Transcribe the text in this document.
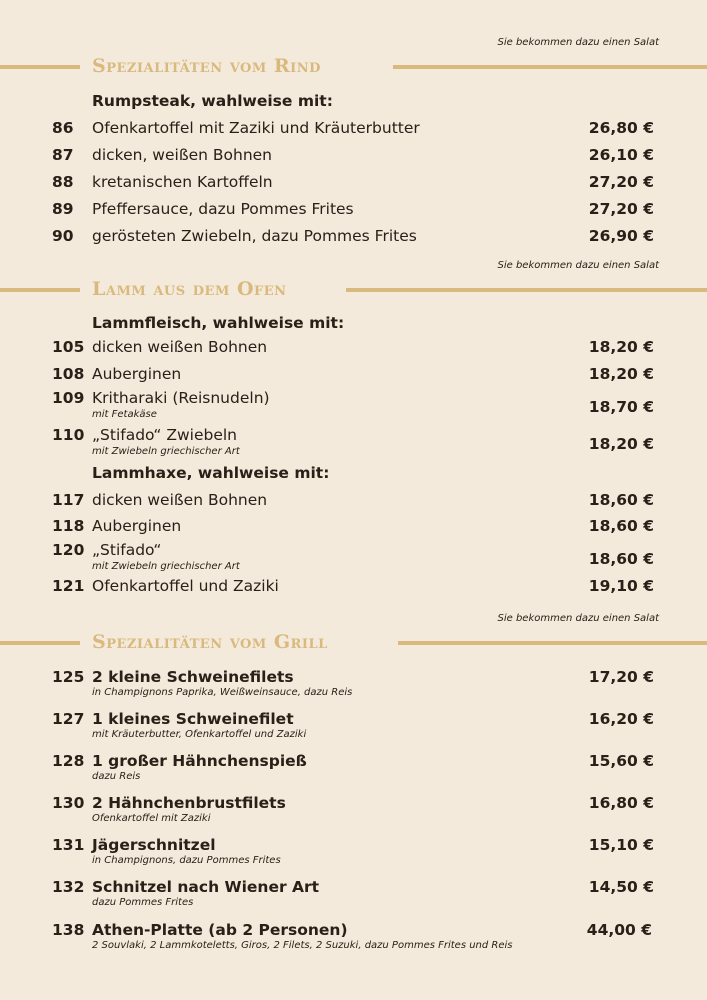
Spezialitäten vom Rind
Sie bekommen dazu einen Salat
Rumpsteak, wahlweise mit:
86 Ofenkartoffel mit Zaziki und Kräuterbutter	26,80 €
87 dicken, weißen Bohnen	26,10 €
88 kretanischen Kartoffeln	27,20 €
89 Pfeffersauce, dazu Pommes Frites	27,20 €
90 gerösteten Zwiebeln, dazu Pommes Frites	26,90 €
Lamm aus dem Ofen
Sie bekommen dazu einen Salat
Lammfleisch, wahlweise mit:
105 dicken weißen Bohnen	18,20 €
108 Auberginen	18,20 €
109 Kritharaki (Reisnudeln)
mit Fetakäse	18,70 €
110 „Stifado“ Zwiebeln
mit Zwiebeln griechischer Art	18,20 €
Lammhaxe, wahlweise mit:
117 dicken weißen Bohnen	18,60 €
118 Auberginen	18,60 €
120 „Stifado“
mit Zwiebeln griechischer Art	18,60 €
121 Ofenkartoffel und Zaziki	19,10 €
Spezialitäten vom Grill
Sie bekommen dazu einen Salat
125 2 kleine Schweinefilets
in Champignons Paprika, Weißweinsauce, dazu Reis
17,20 €
127 1 kleines Schweinefilet
mit Kräuterbutter, Ofenkartoffel und Zaziki
16,20 €
128 1 großer Hähnchenspieß
dazu Reis
15,60 €
130 2 Hähnchenbrustfilets
Ofenkartoffel mit Zaziki
16,80 €
131 Jägerschnitzel
in Champignons, dazu Pommes Frites
15,10 €
132 Schnitzel nach Wiener Art
dazu Pommes Frites
14,50 €
138 Athen-Platte (ab 2 Personen)
2 Souvlaki, 2 Lammkoteletts, Giros, 2 Filets, 2 Suzuki, dazu Pommes Frites und Reis
44,00 €
